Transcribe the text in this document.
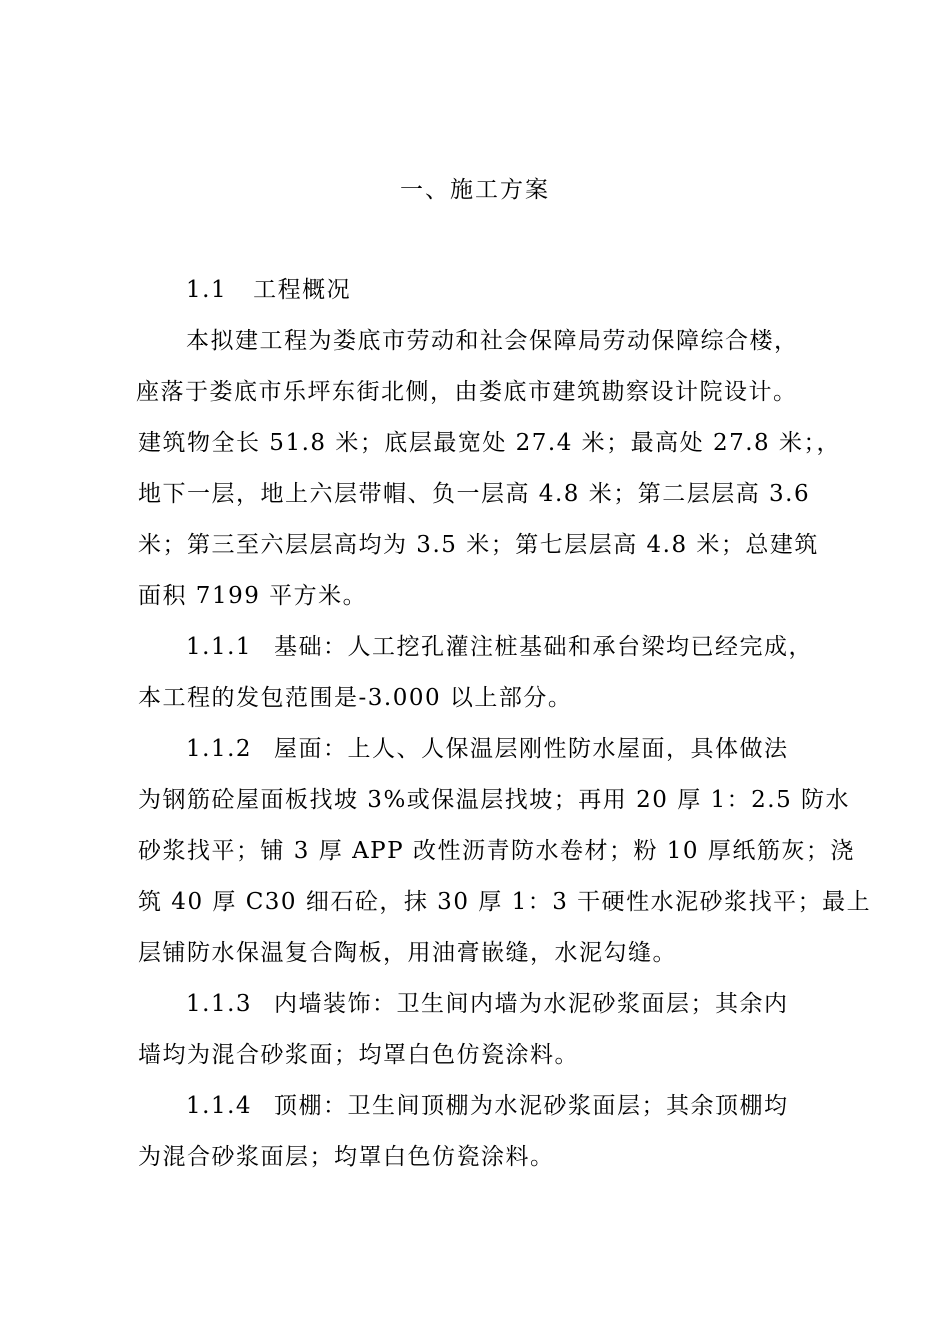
一、施工方案
1.1 工程概况
本拟建工程为娄底市劳动和社会保障局劳动保障综合楼，
座落于娄底市乐坪东街北侧，由娄底市建筑勘察设计院设计。
建筑物全长 51.8 米；底层最宽处 27.4 米；最高处 27.8 米；，
地下一层，地上六层带帽、负一层高 4.8 米；第二层层高 3.6
米；第三至六层层高均为 3.5 米；第七层层高 4.8 米；总建筑
面积 7199 平方米。
1.1.1 基础：人工挖孔灌注桩基础和承台梁均已经完成，
本工程的发包范围是-3.000 以上部分。
1.1.2 屋面：上人、人保温层刚性防水屋面，具体做法
为钢筋砼屋面板找坡 3%或保温层找坡；再用 20 厚 1：2.5 防水
砂浆找平；铺 3 厚 APP 改性沥青防水卷材；粉 10 厚纸筋灰；浇
筑 40 厚 C30 细石砼，抹 30 厚 1：3 干硬性水泥砂浆找平；最上
层铺防水保温复合陶板，用油膏嵌缝，水泥勾缝。
1.1.3 内墙装饰：卫生间内墙为水泥砂浆面层；其余内
墙均为混合砂浆面；均罩白色仿瓷涂料。
1.1.4 顶棚：卫生间顶棚为水泥砂浆面层；其余顶棚均
为混合砂浆面层；均罩白色仿瓷涂料。
